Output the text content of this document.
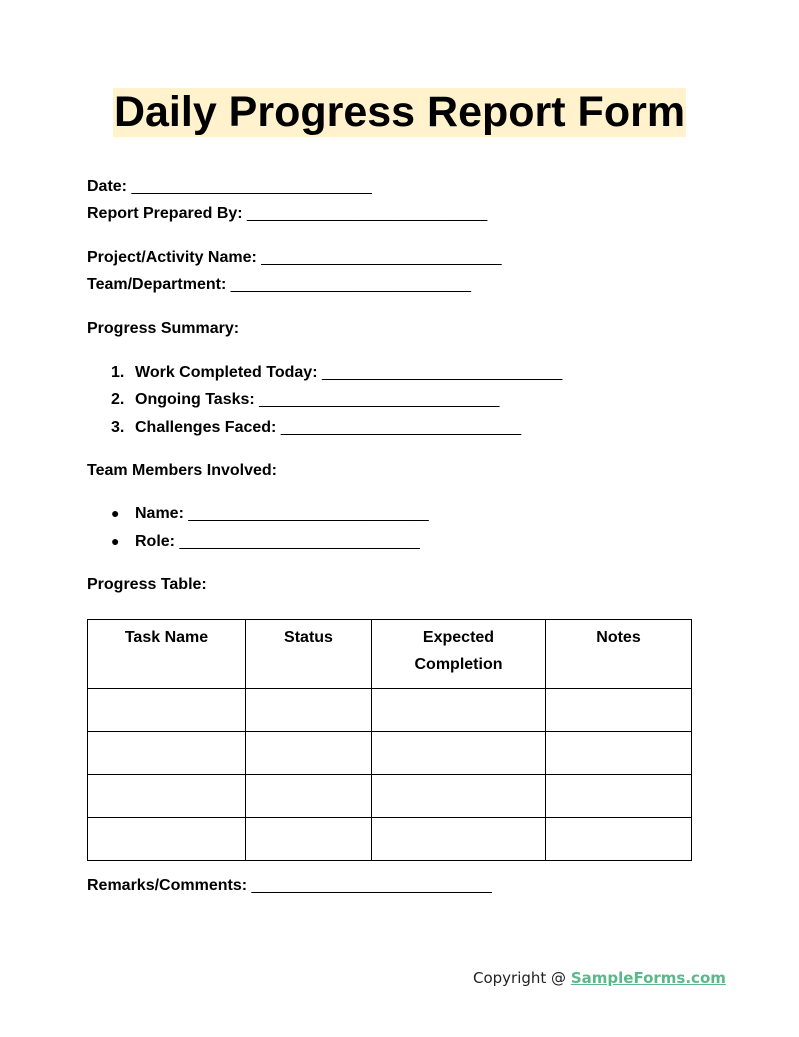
Daily Progress Report Form
Date: ___________________________
Report Prepared By: ___________________________
Project/Activity Name: ___________________________
Team/Department: ___________________________
Progress Summary:
1. Work Completed Today: ___________________________
2. Ongoing Tasks: ___________________________
3. Challenges Faced: ___________________________
Team Members Involved:
● Name: ___________________________
● Role: ___________________________
Progress Table:
Task Name	Status	Expected Completion	Notes

Remarks/Comments: ___________________________
Copyright @ SampleForms.com
